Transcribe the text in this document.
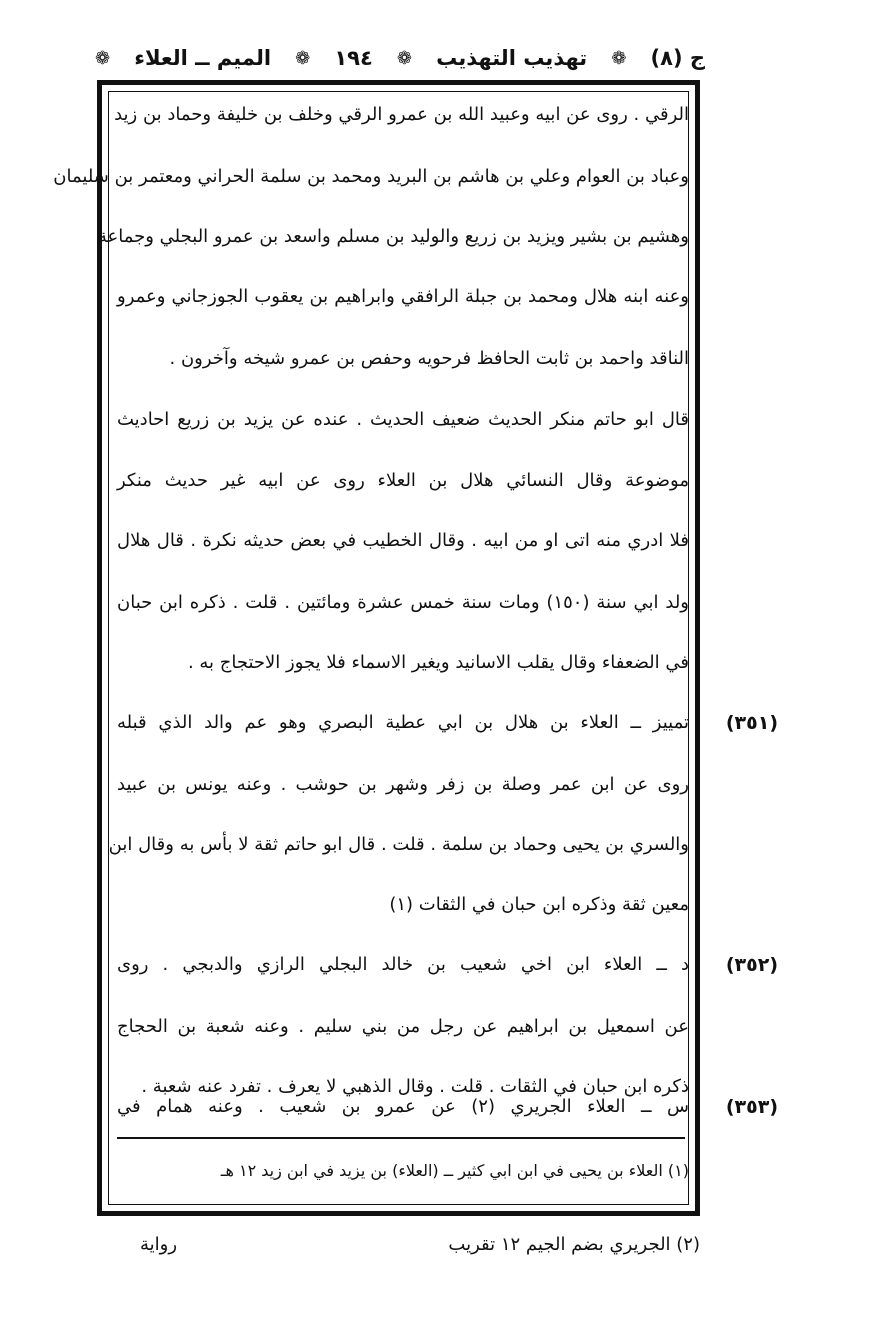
ج (٨)
❁
تهذيب التهذيب
❁
١٩٤
❁
الميم ــ العلاء
❁
الرقي . روى عن ابيه وعبيد الله بن عمرو الرقي وخلف بن خليفة وحماد بن زيد
وعباد بن العوام وعلي بن هاشم بن البريد ومحمد بن سلمة الحراني ومعتمر بن سليمان
وهشيم بن بشير ويزيد بن زريع والوليد بن مسلم واسعد بن عمرو البجلي وجماعة
وعنه ابنه هلال ومحمد بن جبلة الرافقي وابراهيم بن يعقوب الجوزجاني وعمرو
الناقد واحمد بن ثابت الحافظ فرحويه وحفص بن عمرو شيخه وآخرون .
قال ابو حاتم منكر الحديث ضعيف الحديث . عنده عن يزيد بن زريع احاديث
موضوعة وقال النسائي هلال بن العلاء روى عن ابيه غير حديث منكر
فلا ادري منه اتى او من ابيه . وقال الخطيب في بعض حديثه نكرة . قال هلال
ولد ابي سنة (١٥٠) ومات سنة خمس عشرة ومائتين . قلت . ذكره ابن حبان
في الضعفاء وقال يقلب الاسانيد ويغير الاسماء فلا يجوز الاحتجاج به .
تمييز ــ العلاء بن هلال بن ابي عطية البصري وهو عم والد الذي قبله
روى عن ابن عمر وصلة بن زفر وشهر بن حوشب . وعنه يونس بن عبيد
والسري بن يحيى وحماد بن سلمة . قلت . قال ابو حاتم ثقة لا بأس به وقال ابن
معين ثقة وذكره ابن حبان في الثقات (١)
د ــ العلاء ابن اخي شعيب بن خالد البجلي الرازي والدبجي . روى
عن اسمعيل بن ابراهيم عن رجل من بني سليم . وعنه شعبة بن الحجاج
ذكره ابن حبان في الثقات . قلت . وقال الذهبي لا يعرف . تفرد عنه شعبة .
س ــ العلاء الجريري (٢) عن عمرو بن شعيب . وعنه همام في
(٣٥١)
(٣٥٢)
(٣٥٣)
(١) العلاء بن يحيى في ابن ابي كثير ــ (العلاء) بن يزيد في ابن زيد ١٢ هـ
(٢) الجريري بضم الجيم ١٢ تقريب
رواية
